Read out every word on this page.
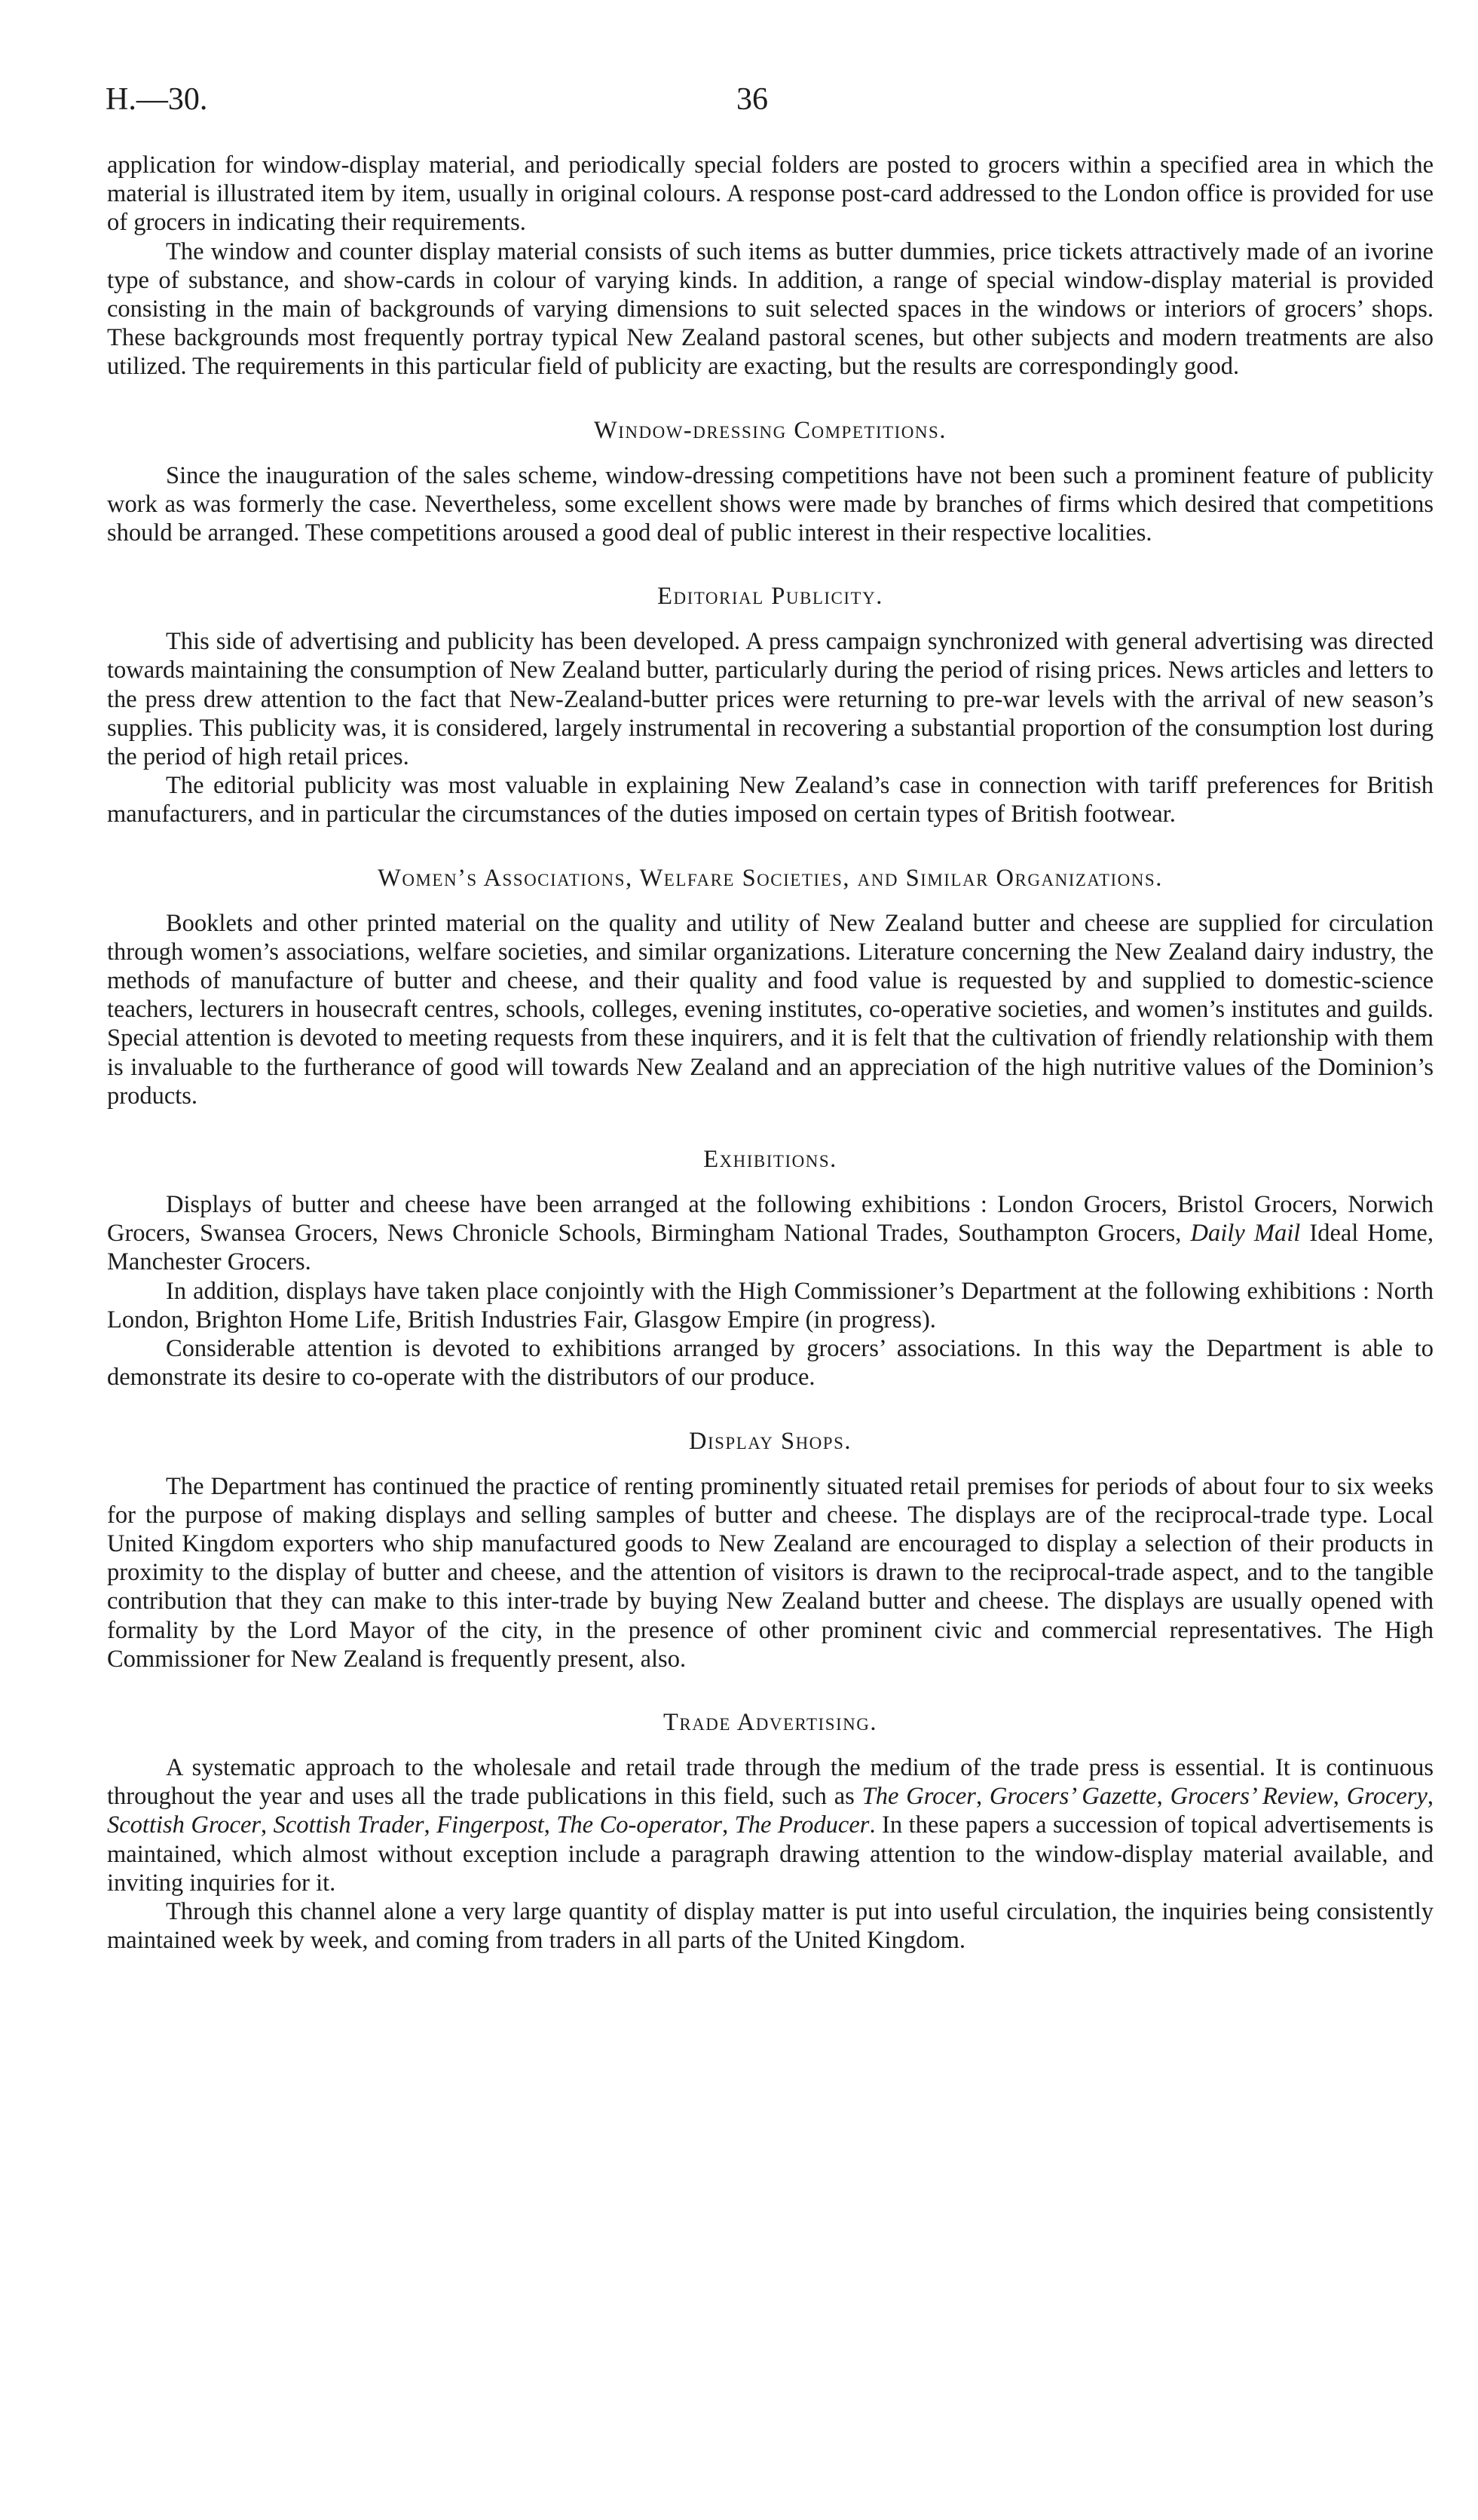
H.—30.	36

application for window-display material, and periodically special folders are posted to grocers within a specified area in which the material is illustrated item by item, usually in original colours. A response post-card addressed to the London office is provided for use of grocers in indicating their requirements.

The window and counter display material consists of such items as butter dummies, price tickets attractively made of an ivorine type of substance, and show-cards in colour of varying kinds. In addition, a range of special window-display material is provided consisting in the main of backgrounds of varying dimensions to suit selected spaces in the windows or interiors of grocers’ shops. These backgrounds most frequently portray typical New Zealand pastoral scenes, but other subjects and modern treatments are also utilized. The requirements in this particular field of publicity are exacting, but the results are correspondingly good.

Window-dressing Competitions.

Since the inauguration of the sales scheme, window-dressing competitions have not been such a prominent feature of publicity work as was formerly the case. Nevertheless, some excellent shows were made by branches of firms which desired that competitions should be arranged. These competitions aroused a good deal of public interest in their respective localities.

Editorial Publicity.

This side of advertising and publicity has been developed. A press campaign synchronized with general advertising was directed towards maintaining the consumption of New Zealand butter, particularly during the period of rising prices. News articles and letters to the press drew attention to the fact that New-Zealand-butter prices were returning to pre-war levels with the arrival of new season’s supplies. This publicity was, it is considered, largely instrumental in recovering a substantial proportion of the consumption lost during the period of high retail prices.

The editorial publicity was most valuable in explaining New Zealand’s case in connection with tariff preferences for British manufacturers, and in particular the circumstances of the duties imposed on certain types of British footwear.

Women’s Associations, Welfare Societies, and Similar Organizations.

Booklets and other printed material on the quality and utility of New Zealand butter and cheese are supplied for circulation through women’s associations, welfare societies, and similar organizations. Literature concerning the New Zealand dairy industry, the methods of manufacture of butter and cheese, and their quality and food value is requested by and supplied to domestic-science teachers, lecturers in housecraft centres, schools, colleges, evening institutes, co-operative societies, and women’s institutes and guilds. Special attention is devoted to meeting requests from these inquirers, and it is felt that the cultivation of friendly relationship with them is invaluable to the furtherance of good will towards New Zealand and an appreciation of the high nutritive values of the Dominion’s products.

Exhibitions.

Displays of butter and cheese have been arranged at the following exhibitions : London Grocers, Bristol Grocers, Norwich Grocers, Swansea Grocers, News Chronicle Schools, Birmingham National Trades, Southampton Grocers, Daily Mail Ideal Home, Manchester Grocers.

In addition, displays have taken place conjointly with the High Commissioner’s Department at the following exhibitions : North London, Brighton Home Life, British Industries Fair, Glasgow Empire (in progress).

Considerable attention is devoted to exhibitions arranged by grocers’ associations. In this way the Department is able to demonstrate its desire to co-operate with the distributors of our produce.

Display Shops.

The Department has continued the practice of renting prominently situated retail premises for periods of about four to six weeks for the purpose of making displays and selling samples of butter and cheese. The displays are of the reciprocal-trade type. Local United Kingdom exporters who ship manufactured goods to New Zealand are encouraged to display a selection of their products in proximity to the display of butter and cheese, and the attention of visitors is drawn to the reciprocal-trade aspect, and to the tangible contribution that they can make to this inter-trade by buying New Zealand butter and cheese. The displays are usually opened with formality by the Lord Mayor of the city, in the presence of other prominent civic and commercial representatives. The High Commissioner for New Zealand is frequently present, also.

Trade Advertising.

A systematic approach to the wholesale and retail trade through the medium of the trade press is essential. It is continuous throughout the year and uses all the trade publications in this field, such as The Grocer, Grocers’ Gazette, Grocers’ Review, Grocery, Scottish Grocer, Scottish Trader, Fingerpost, The Co-operator, The Producer. In these papers a succession of topical advertisements is maintained, which almost without exception include a paragraph drawing attention to the window-display material available, and inviting inquiries for it.

Through this channel alone a very large quantity of display matter is put into useful circulation, the inquiries being consistently maintained week by week, and coming from traders in all parts of the United Kingdom.
